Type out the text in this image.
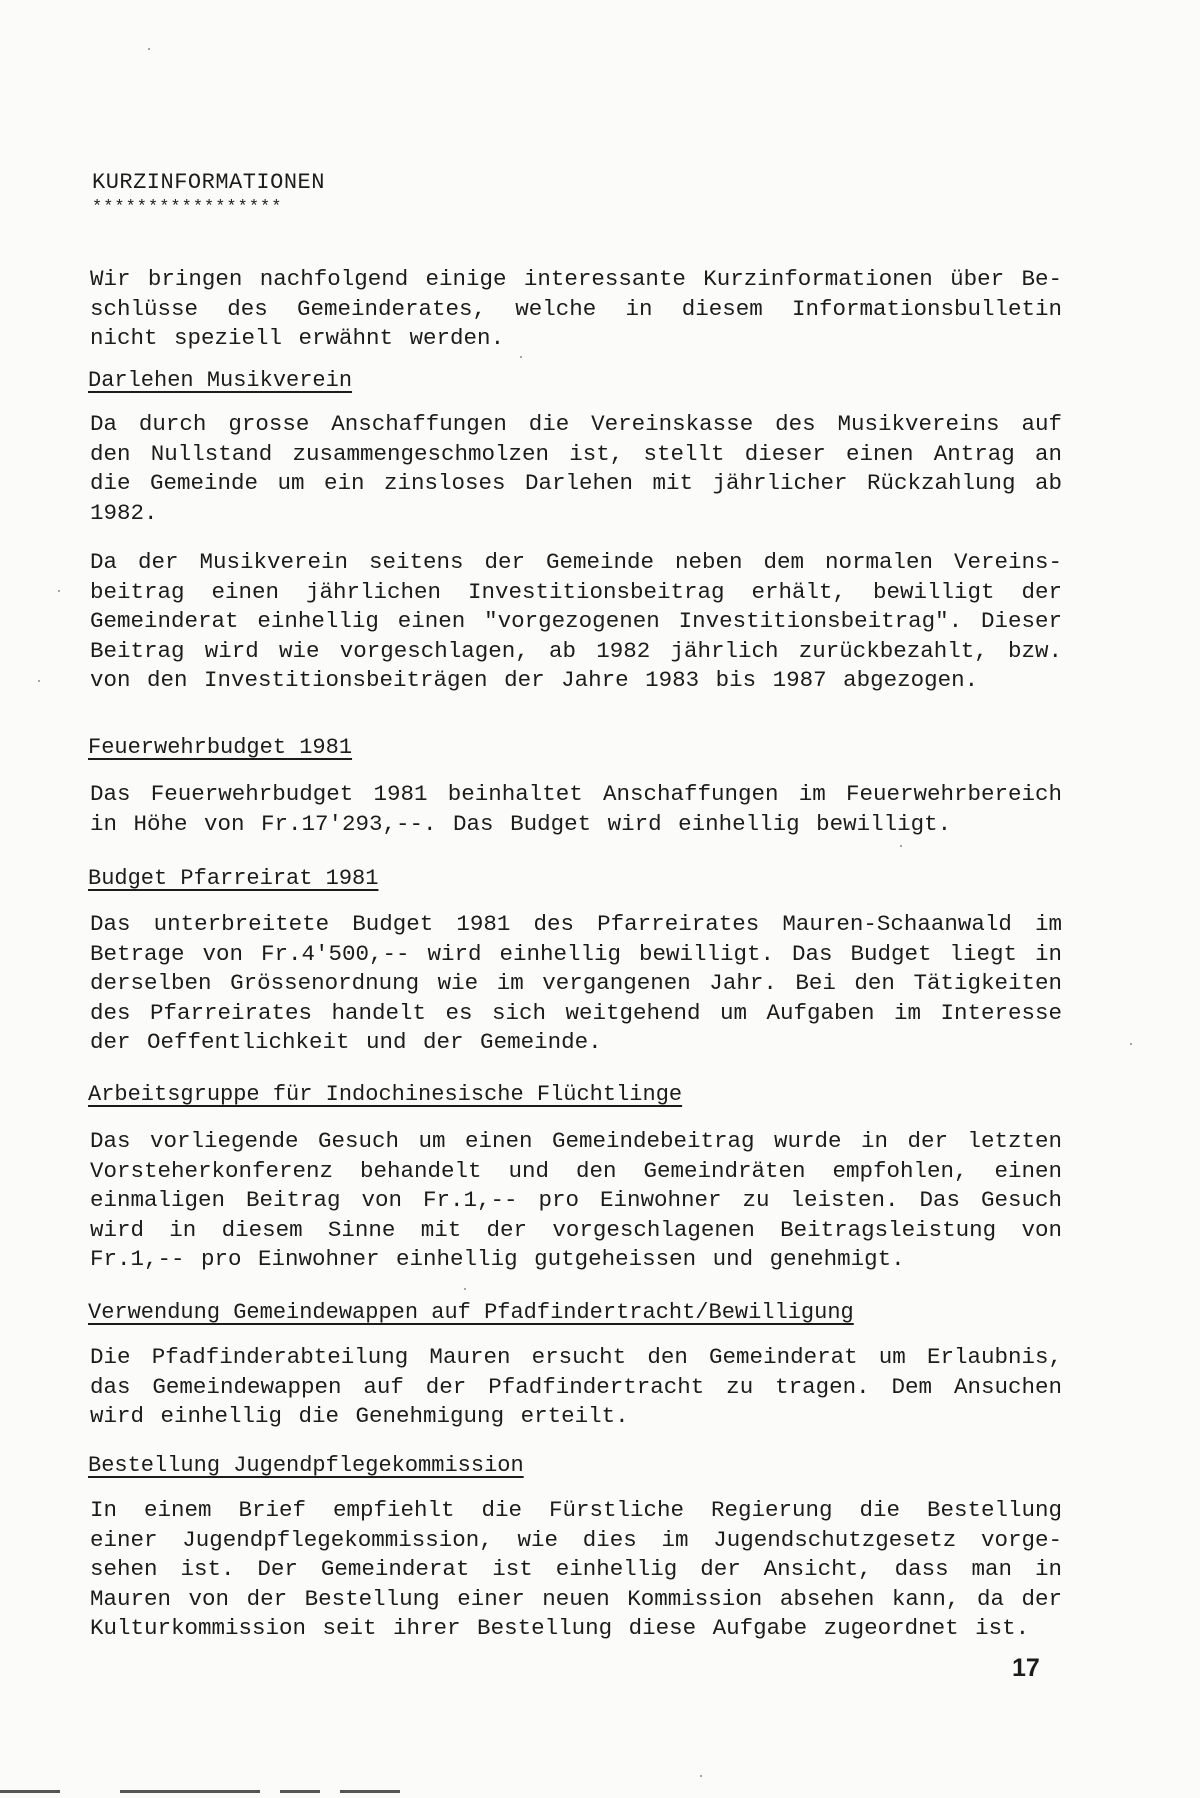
KURZINFORMATIONEN
*****************
Wir bringen nachfolgend einige interessante Kurzinformationen über Beschlüsse des Gemeinderates, welche in diesem Informationsbulletin nicht speziell erwähnt werden.
Darlehen Musikverein
Da durch grosse Anschaffungen die Vereinskasse des Musikvereins auf den Nullstand zusammengeschmolzen ist, stellt dieser einen Antrag an die Gemeinde um ein zinsloses Darlehen mit jährlicher Rückzahlung ab 1982.
Da der Musikverein seitens der Gemeinde neben dem normalen Vereinsbeitrag einen jährlichen Investitionsbeitrag erhält, bewilligt der Gemeinderat einhellig einen "vorgezogenen Investitionsbeitrag". Dieser Beitrag wird wie vorgeschlagen, ab 1982 jährlich zurückbezahlt, bzw. von den Investitionsbeiträgen der Jahre 1983 bis 1987 abgezogen.
Feuerwehrbudget 1981
Das Feuerwehrbudget 1981 beinhaltet Anschaffungen im Feuerwehrbereich in Höhe von Fr.17'293,--. Das Budget wird einhellig bewilligt.
Budget Pfarreirat 1981
Das unterbreitete Budget 1981 des Pfarreirates Mauren-Schaanwald im Betrage von Fr.4'500,-- wird einhellig bewilligt. Das Budget liegt in derselben Grössenordnung wie im vergangenen Jahr. Bei den Tätigkeiten des Pfarreirates handelt es sich weitgehend um Aufgaben im Interesse der Oeffentlichkeit und der Gemeinde.
Arbeitsgruppe für Indochinesische Flüchtlinge
Das vorliegende Gesuch um einen Gemeindebeitrag wurde in der letzten Vorsteherkonferenz behandelt und den Gemeindräten empfohlen, einen einmaligen Beitrag von Fr.1,-- pro Einwohner zu leisten. Das Gesuch wird in diesem Sinne mit der vorgeschlagenen Beitragsleistung von Fr.1,-- pro Einwohner einhellig gutgeheissen und genehmigt.
Verwendung Gemeindewappen auf Pfadfindertracht/Bewilligung
Die Pfadfinderabteilung Mauren ersucht den Gemeinderat um Erlaubnis, das Gemeindewappen auf der Pfadfindertracht zu tragen. Dem Ansuchen wird einhellig die Genehmigung erteilt.
Bestellung Jugendpflegekommission
In einem Brief empfiehlt die Fürstliche Regierung die Bestellung einer Jugendpflegekommission, wie dies im Jugendschutzgesetz vorgesehen ist. Der Gemeinderat ist einhellig der Ansicht, dass man in Mauren von der Bestellung einer neuen Kommission absehen kann, da der Kulturkommission seit ihrer Bestellung diese Aufgabe zugeordnet ist.
17
